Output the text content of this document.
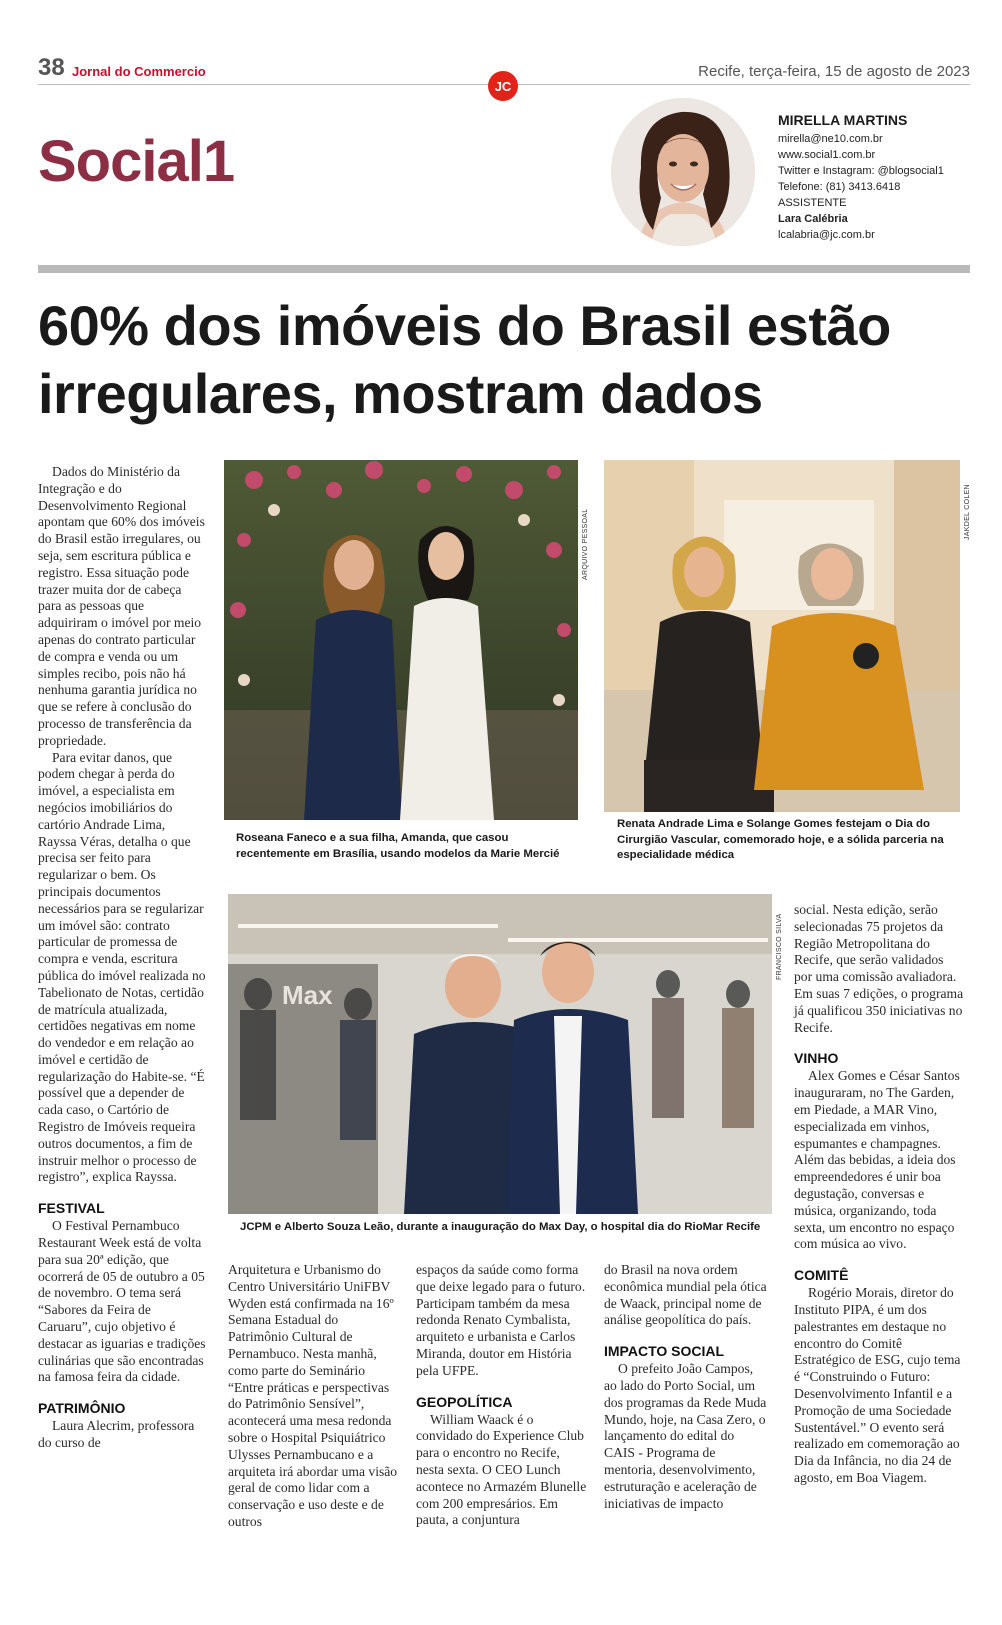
38 Jornal do Commercio	Recife, terça-feira, 15 de agosto de 2023
JC
Social1
MIRELLA MARTINS
mirella@ne10.com.br
www.social1.com.br
Twitter e Instagram: @blogsocial1
Telefone: (81) 3413.6418
ASSISTENTE
Lara Calébria
lcalabria@jc.com.br
60% dos imóveis do Brasil estão irregulares, mostram dados

Dados do Ministério da Integração e do Desenvolvimento Regional apontam que 60% dos imóveis do Brasil estão irregulares, ou seja, sem escritura pública e registro. Essa situação pode trazer muita dor de cabeça para as pessoas que adquiriram o imóvel por meio apenas do contrato particular de compra e venda ou um simples recibo, pois não há nenhuma garantia jurídica no que se refere à conclusão do processo de transferência da propriedade.

Para evitar danos, que podem chegar à perda do imóvel, a especialista em negócios imobiliários do cartório Andrade Lima, Rayssa Véras, detalha o que precisa ser feito para regularizar o bem. Os principais documentos necessários para se regularizar um imóvel são: contrato particular de promessa de compra e venda, escritura pública do imóvel realizada no Tabelionato de Notas, certidão de matrícula atualizada, certidões negativas em nome do vendedor e em relação ao imóvel e certidão de regularização do Habite-se. “É possível que a depender de cada caso, o Cartório de Registro de Imóveis requeira outros documentos, a fim de instruir melhor o processo de registro”, explica Rayssa.

FESTIVAL

O Festival Pernambuco Restaurant Week está de volta para sua 20ª edição, que ocorrerá de 05 de outubro a 05 de novembro. O tema será “Sabores da Feira de Caruaru”, cujo objetivo é destacar as iguarias e tradições culinárias que são encontradas na famosa feira da cidade.

PATRIMÔNIO

Laura Alecrim, professora do curso de

ARQUIVO PESSOAL
Roseana Faneco e a sua filha, Amanda, que casou recentemente em Brasília, usando modelos da Marie Mercié
JAKDEL COLEN
Renata Andrade Lima e Solange Gomes festejam o Dia do Cirurgião Vascular, comemorado hoje, e a sólida parceria na especialidade médica
Max
FRANCISCO SILVA
JCPM e Alberto Souza Leão, durante a inauguração do Max Day, o hospital dia do RioMar Recife

Arquitetura e Urbanismo do Centro Universitário UniFBV Wyden está confirmada na 16º Semana Estadual do Patrimônio Cultural de Pernambuco. Nesta manhã, como parte do Seminário “Entre práticas e perspectivas do Patrimônio Sensível”, acontecerá uma mesa redonda sobre o Hospital Psiquiátrico Ulysses Pernambucano e a arquiteta irá abordar uma visão geral de como lidar com a conservação e uso deste e de outros

espaços da saúde como forma que deixe legado para o futuro. Participam também da mesa redonda Renato Cymbalista, arquiteto e urbanista e Carlos Miranda, doutor em História pela UFPE.

GEOPOLÍTICA

William Waack é o convidado do Experience Club para o encontro no Recife, nesta sexta. O CEO Lunch acontece no Armazém Blunelle com 200 empresários. Em pauta, a conjuntura

do Brasil na nova ordem econômica mundial pela ótica de Waack, principal nome de análise geopolítica do país.

IMPACTO SOCIAL

O prefeito João Campos, ao lado do Porto Social, um dos programas da Rede Muda Mundo, hoje, na Casa Zero, o lançamento do edital do CAIS - Programa de mentoria, desenvolvimento, estruturação e aceleração de iniciativas de impacto

social. Nesta edição, serão selecionadas 75 projetos da Região Metropolitana do Recife, que serão validados por uma comissão avaliadora. Em suas 7 edições, o programa já qualificou 350 iniciativas no Recife.

VINHO

Alex Gomes e César Santos inauguraram, no The Garden, em Piedade, a MAR Vino, especializada em vinhos, espumantes e champagnes. Além das bebidas, a ideia dos empreendedores é unir boa degustação, conversas e música, organizando, toda sexta, um encontro no espaço com música ao vivo.

COMITÊ

Rogério Morais, diretor do Instituto PIPA, é um dos palestrantes em destaque no encontro do Comitê Estratégico de ESG, cujo tema é “Construindo o Futuro: Desenvolvimento Infantil e a Promoção de uma Sociedade Sustentável.” O evento será realizado em comemoração ao Dia da Infância, no dia 24 de agosto, em Boa Viagem.
